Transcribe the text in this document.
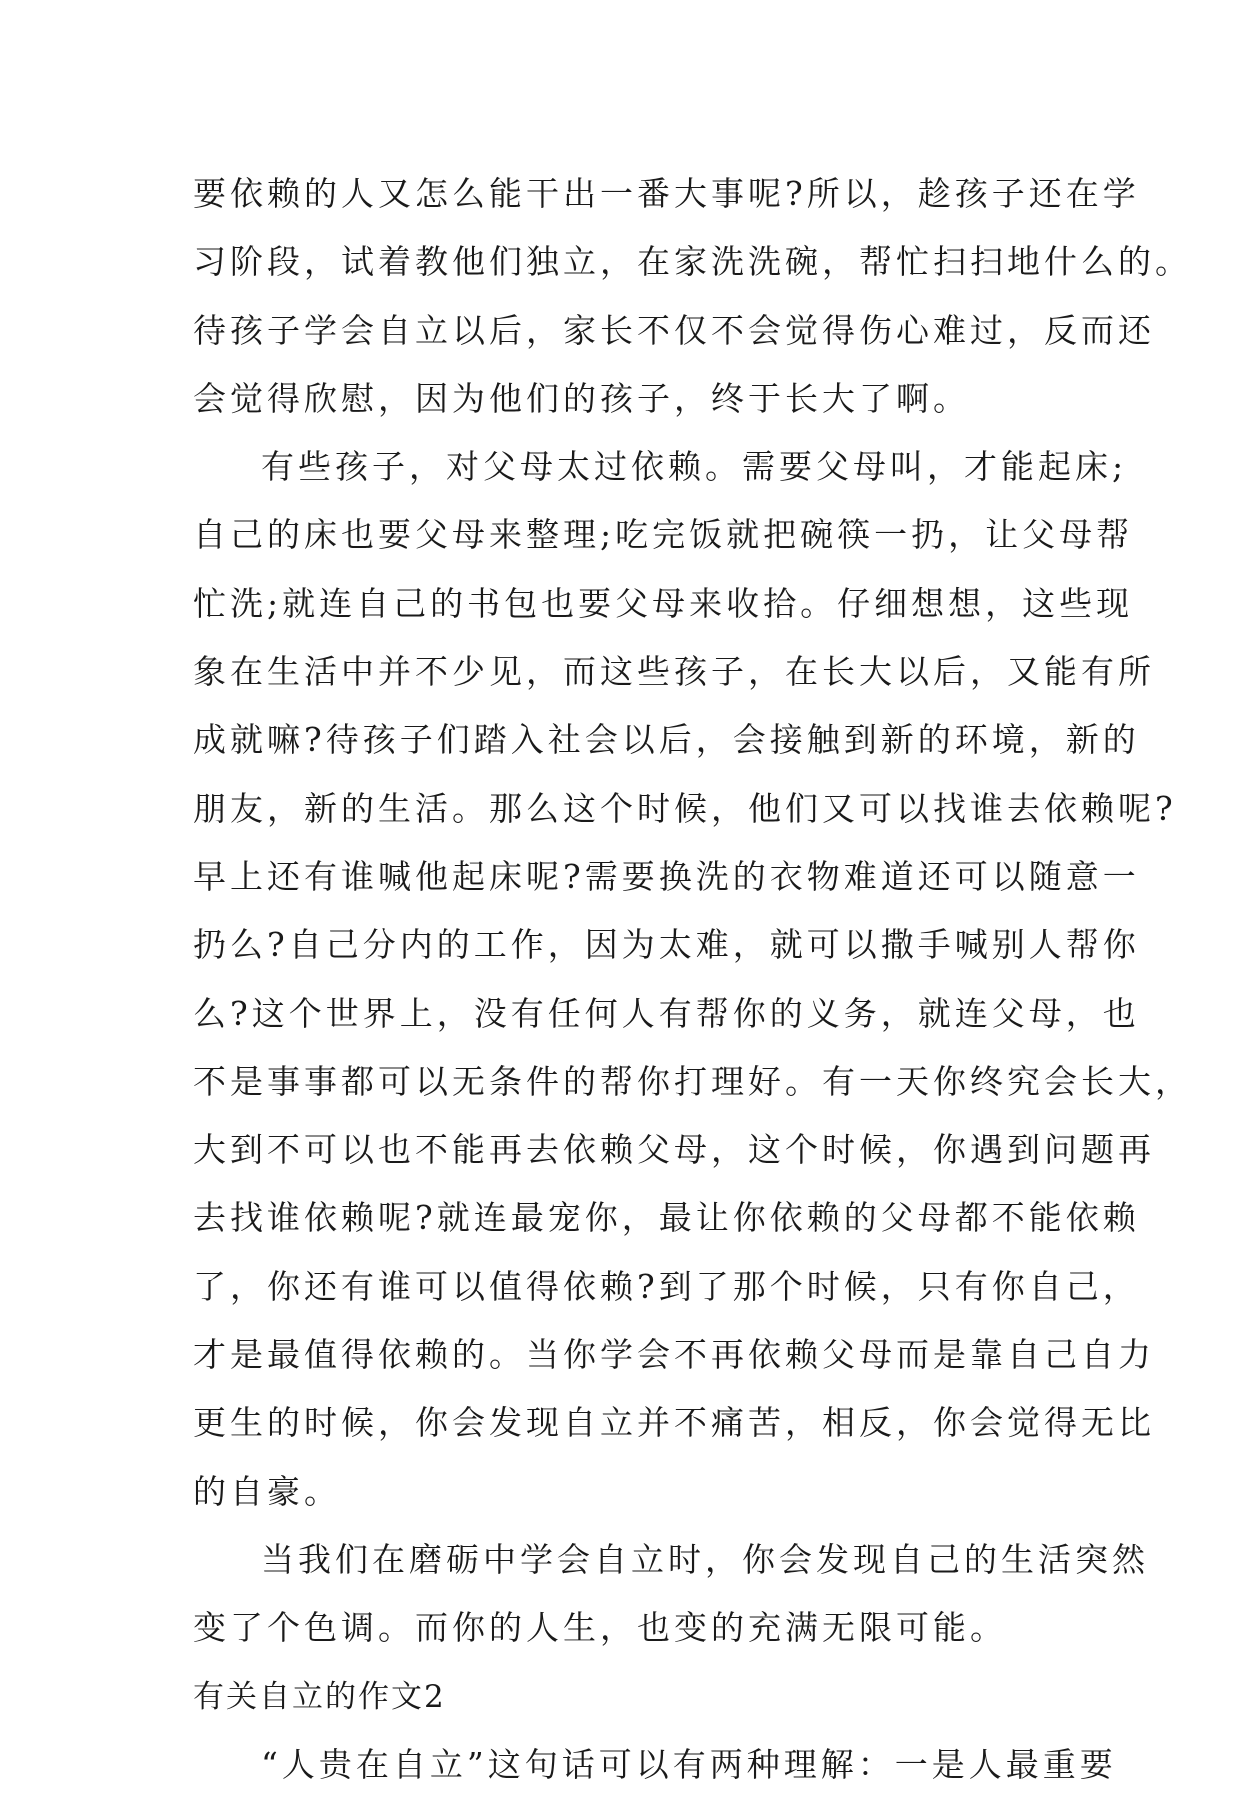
要依赖的人又怎么能干出一番大事呢?所以，趁孩子还在学
习阶段，试着教他们独立，在家洗洗碗，帮忙扫扫地什么的。
待孩子学会自立以后，家长不仅不会觉得伤心难过，反而还
会觉得欣慰，因为他们的孩子，终于长大了啊。
有些孩子，对父母太过依赖。需要父母叫，才能起床;
自己的床也要父母来整理;吃完饭就把碗筷一扔，让父母帮
忙洗;就连自己的书包也要父母来收拾。仔细想想，这些现
象在生活中并不少见，而这些孩子，在长大以后，又能有所
成就嘛?待孩子们踏入社会以后，会接触到新的环境，新的
朋友，新的生活。那么这个时候，他们又可以找谁去依赖呢?
早上还有谁喊他起床呢?需要换洗的衣物难道还可以随意一
扔么?自己分内的工作，因为太难，就可以撒手喊别人帮你
么?这个世界上，没有任何人有帮你的义务，就连父母，也
不是事事都可以无条件的帮你打理好。有一天你终究会长大，
大到不可以也不能再去依赖父母，这个时候，你遇到问题再
去找谁依赖呢?就连最宠你，最让你依赖的父母都不能依赖
了，你还有谁可以值得依赖?到了那个时候，只有你自己，
才是最值得依赖的。当你学会不再依赖父母而是靠自己自力
更生的时候，你会发现自立并不痛苦，相反，你会觉得无比
的自豪。
当我们在磨砺中学会自立时，你会发现自己的生活突然
变了个色调。而你的人生，也变的充满无限可能。
有关自立的作文2
“人贵在自立”这句话可以有两种理解：一是人最重要
